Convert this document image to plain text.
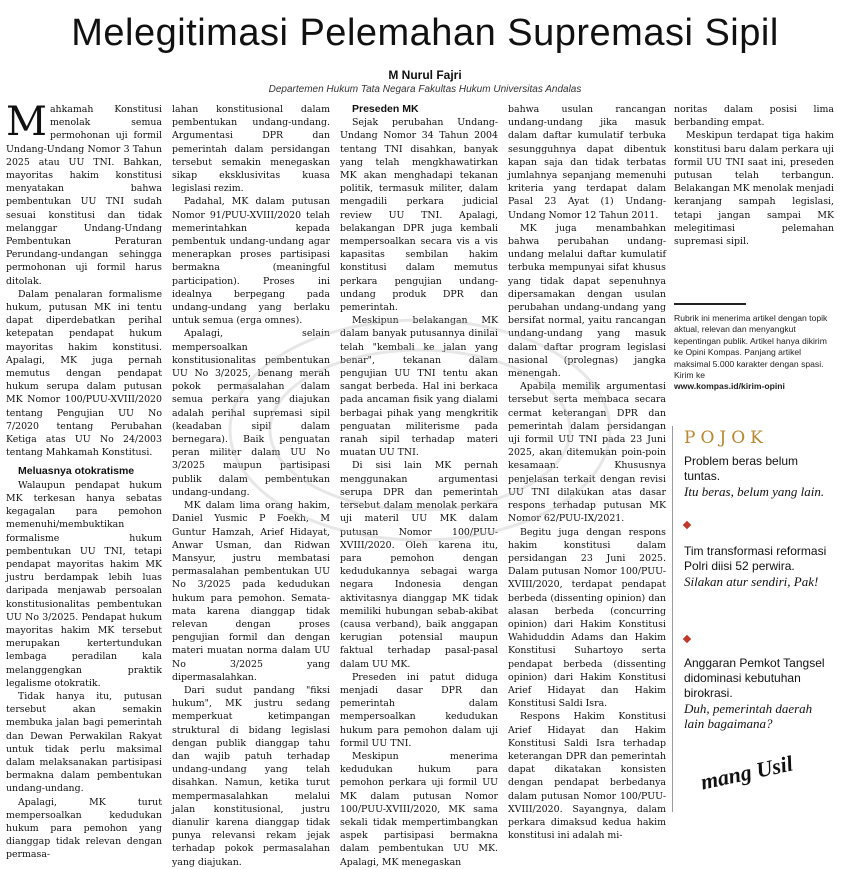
Melegitimasi Pelemahan Supremasi Sipil
M Nurul Fajri
Departemen Hukum Tata Negara Fakultas Hukum Universitas Andalas

Mahkamah Konstitusi menolak semua permohonan uji formil Undang-Undang Nomor 3 Tahun 2025 atau UU TNI. Bahkan, mayoritas hakim konstitusi menyatakan bahwa pembentukan UU TNI sudah sesuai konstitusi dan tidak melanggar Undang-Undang Pembentukan Peraturan Perundang-undangan sehingga permohonan uji formil harus ditolak.

Dalam penalaran formalisme hukum, putusan MK ini tentu dapat diperdebatkan perihal ketepatan pendapat hukum mayoritas hakim konstitusi. Apalagi, MK juga pernah memutus dengan pendapat hukum serupa dalam putusan MK Nomor 100/PUU-XVIII/2020 tentang Pengujian UU No 7/2020 tentang Perubahan Ketiga atas UU No 24/2003 tentang Mahkamah Konstitusi.

Meluasnya otokratisme

Walaupun pendapat hukum MK terkesan hanya sebatas kegagalan para pemohon memenuhi/membuktikan formalisme hukum pembentukan UU TNI, tetapi pendapat mayoritas hakim MK justru berdampak lebih luas daripada menjawab persoalan konstitusionalitas pembentukan UU No 3/2025. Pendapat hukum mayoritas hakim MK tersebut merupakan kertertundukan lembaga peradilan kala melanggengkan praktik legalisme otokratik.

Tidak hanya itu, putusan tersebut akan semakin membuka jalan bagi pemerintah dan Dewan Perwakilan Rakyat untuk tidak perlu maksimal dalam melaksanakan partisipasi bermakna dalam pembentukan undang-undang.

Apalagi, MK turut mempersoalkan kedudukan hukum para pemohon yang dianggap tidak relevan dengan permasa-

lahan konstitusional dalam pembentukan undang-undang. Argumentasi DPR dan pemerintah dalam persidangan tersebut semakin menegaskan sikap eksklusivitas kuasa legislasi rezim.

Padahal, MK dalam putusan Nomor 91/PUU-XVIII/2020 telah memerintahkan kepada pembentuk undang-undang agar menerapkan proses partisipasi bermakna (meaningful participation). Proses ini idealnya berpegang pada undang-undang yang berlaku untuk semua (erga omnes).

Apalagi, selain mempersoalkan konstitusionalitas pembentukan UU No 3/2025, benang merah pokok permasalahan dalam semua perkara yang diajukan adalah perihal supremasi sipil (keadaban sipil dalam bernegara). Baik penguatan peran militer dalam UU No 3/2025 maupun partisipasi publik dalam pembentukan undang-undang.

MK dalam lima orang hakim, Daniel Yusmic P Foekh, M Guntur Hamzah, Arief Hidayat, Anwar Usman, dan Ridwan Mansyur, justru membatasi permasalahan pembentukan UU No 3/2025 pada kedudukan hukum para pemohon. Semata-mata karena dianggap tidak relevan dengan proses pengujian formil dan dengan materi muatan norma dalam UU No 3/2025 yang dipermasalahkan.

Dari sudut pandang "fiksi hukum", MK justru sedang memperkuat ketimpangan struktural di bidang legislasi dengan publik dianggap tahu dan wajib patuh terhadap undang-undang yang telah disahkan. Namun, ketika turut mempermasalahkan melalui jalan konstitusional, justru dianulir karena dianggap tidak punya relevansi rekam jejak terhadap pokok permasalahan yang diajukan.

Preseden MK

Sejak perubahan Undang-Undang Nomor 34 Tahun 2004 tentang TNI disahkan, banyak yang telah mengkhawatirkan MK akan menghadapi tekanan politik, termasuk militer, dalam mengadili perkara judicial review UU TNI. Apalagi, belakangan DPR juga kembali mempersoalkan secara vis a vis kapasitas sembilan hakim konstitusi dalam memutus perkara pengujian undang-undang produk DPR dan pemerintah.

Meskipun belakangan MK dalam banyak putusannya dinilai telah "kembali ke jalan yang benar", tekanan dalam pengujian UU TNI tentu akan sangat berbeda. Hal ini berkaca pada ancaman fisik yang dialami berbagai pihak yang mengkritik penguatan militerisme pada ranah sipil terhadap materi muatan UU TNI.

Di sisi lain MK pernah menggunakan argumentasi serupa DPR dan pemerintah tersebut dalam menolak perkara uji materil UU MK dalam putusan Nomor 100/PUU-XVIII/2020. Oleh karena itu, para pemohon dengan kedudukannya sebagai warga negara Indonesia dengan aktivitasnya dianggap MK tidak memiliki hubungan sebab-akibat (causa verband), baik anggapan kerugian potensial maupun faktual terhadap pasal-pasal dalam UU MK.

Preseden ini patut diduga menjadi dasar DPR dan pemerintah dalam mempersoalkan kedudukan hukum para pemohon dalam uji formil UU TNI.

Meskipun menerima kedudukan hukum para pemohon perkara uji formil UU MK dalam putusan Nomor 100/PUU-XVIII/2020, MK sama sekali tidak mempertimbangkan aspek partisipasi bermakna dalam pembentukan UU MK. Apalagi, MK menegaskan

bahwa usulan rancangan undang-undang jika masuk dalam daftar kumulatif terbuka sesungguhnya dapat dibentuk kapan saja dan tidak terbatas jumlahnya sepanjang memenuhi kriteria yang terdapat dalam Pasal 23 Ayat (1) Undang-Undang Nomor 12 Tahun 2011.

MK juga menambahkan bahwa perubahan undang-undang melalui daftar kumulatif terbuka mempunyai sifat khusus yang tidak dapat sepenuhnya dipersamakan dengan usulan perubahan undang-undang yang bersifat normal, yaitu rancangan undang-undang yang masuk dalam daftar program legislasi nasional (prolegnas) jangka menengah.

Apabila memilik argumentasi tersebut serta membaca secara cermat keterangan DPR dan pemerintah dalam persidangan uji formil UU TNI pada 23 Juni 2025, akan ditemukan poin-poin kesamaan. Khususnya penjelasan terkait dengan revisi UU TNI dilakukan atas dasar respons terhadap putusan MK Nomor 62/PUU-IX/2021.

Begitu juga dengan respons hakim konstitusi dalam persidangan 23 Juni 2025. Dalam putusan Nomor 100/PUU-XVIII/2020, terdapat pendapat berbeda (dissenting opinion) dan alasan berbeda (concurring opinion) dari Hakim Konstitusi Wahiduddin Adams dan Hakim Konstitusi Suhartoyo serta pendapat berbeda (dissenting opinion) dari Hakim Konstitusi Arief Hidayat dan Hakim Konstitusi Saldi Isra.

Respons Hakim Konstitusi Arief Hidayat dan Hakim Konstitusi Saldi Isra terhadap keterangan DPR dan pemerintah dapat dikatakan konsisten dengan pendapat berbedanya dalam putusan Nomor 100/PUU-XVIII/2020. Sayangnya, dalam perkara dimaksud kedua hakim konstitusi ini adalah mi-

noritas dalam posisi lima berbanding empat.

Meskipun terdapat tiga hakim konstitusi baru dalam perkara uji formil UU TNI saat ini, preseden putusan telah terbangun. Belakangan MK menolak menjadi keranjang sampah legislasi, tetapi jangan sampai MK melegitimasi pelemahan supremasi sipil.

Rubrik ini menerima artikel dengan topik aktual, relevan dan menyangkut kepentingan publik. Artikel hanya dikirim ke Opini Kompas. Panjang artikel maksimal 5.000 karakter dengan spasi. Kirim ke
www.kompas.id/kirim-opini
POJOK
Problem beras belum tuntas.
Itu beras, belum yang lain.
Tim transformasi reformasi Polri diisi 52 perwira.
Silakan atur sendiri, Pak!
Anggaran Pemkot Tangsel didominasi kebutuhan birokrasi.
Duh, pemerintah daerah lain bagaimana?
mang Usil
